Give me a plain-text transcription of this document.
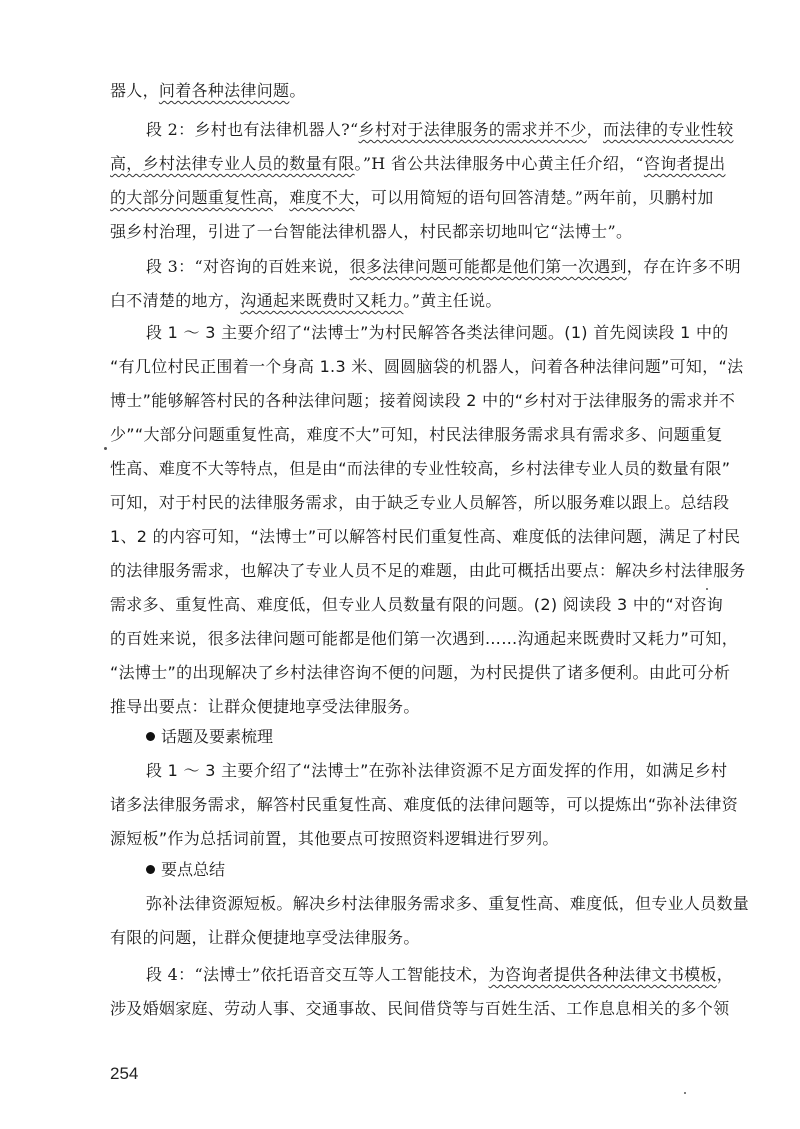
器人，问着各种法律问题。
段 2：乡村也有法律机器人?“乡村对于法律服务的需求并不少，而法律的专业性较
高，乡村法律专业人员的数量有限。”H 省公共法律服务中心黄主任介绍，“咨询者提出
的大部分问题重复性高，难度不大，可以用简短的语句回答清楚。”两年前，贝鹏村加
强乡村治理，引进了一台智能法律机器人，村民都亲切地叫它“法博士”。
段 3：“对咨询的百姓来说，很多法律问题可能都是他们第一次遇到，存在许多不明
白不清楚的地方，沟通起来既费时又耗力。”黄主任说。
段 1 ～ 3 主要介绍了“法博士”为村民解答各类法律问题。(1) 首先阅读段 1 中的
“有几位村民正围着一个身高 1.3 米、圆圆脑袋的机器人，问着各种法律问题”可知，“法
博士”能够解答村民的各种法律问题；接着阅读段 2 中的“乡村对于法律服务的需求并不
少”“大部分问题重复性高，难度不大”可知，村民法律服务需求具有需求多、问题重复
性高、难度不大等特点，但是由“而法律的专业性较高，乡村法律专业人员的数量有限”
可知，对于村民的法律服务需求，由于缺乏专业人员解答，所以服务难以跟上。总结段
1、2 的内容可知，“法博士”可以解答村民们重复性高、难度低的法律问题，满足了村民
的法律服务需求，也解决了专业人员不足的难题，由此可概括出要点：解决乡村法律服务
需求多、重复性高、难度低，但专业人员数量有限的问题。(2) 阅读段 3 中的“对咨询
的百姓来说，很多法律问题可能都是他们第一次遇到……沟通起来既费时又耗力”可知，
“法博士”的出现解决了乡村法律咨询不便的问题，为村民提供了诸多便利。由此可分析
推导出要点：让群众便捷地享受法律服务。
话题及要素梳理
段 1 ～ 3 主要介绍了“法博士”在弥补法律资源不足方面发挥的作用，如满足乡村
诸多法律服务需求，解答村民重复性高、难度低的法律问题等，可以提炼出“弥补法律资
源短板”作为总括词前置，其他要点可按照资料逻辑进行罗列。
要点总结
弥补法律资源短板。解决乡村法律服务需求多、重复性高、难度低，但专业人员数量
有限的问题，让群众便捷地享受法律服务。
段 4：“法博士”依托语音交互等人工智能技术，为咨询者提供各种法律文书模板，
涉及婚姻家庭、劳动人事、交通事故、民间借贷等与百姓生活、工作息息相关的多个领
254
